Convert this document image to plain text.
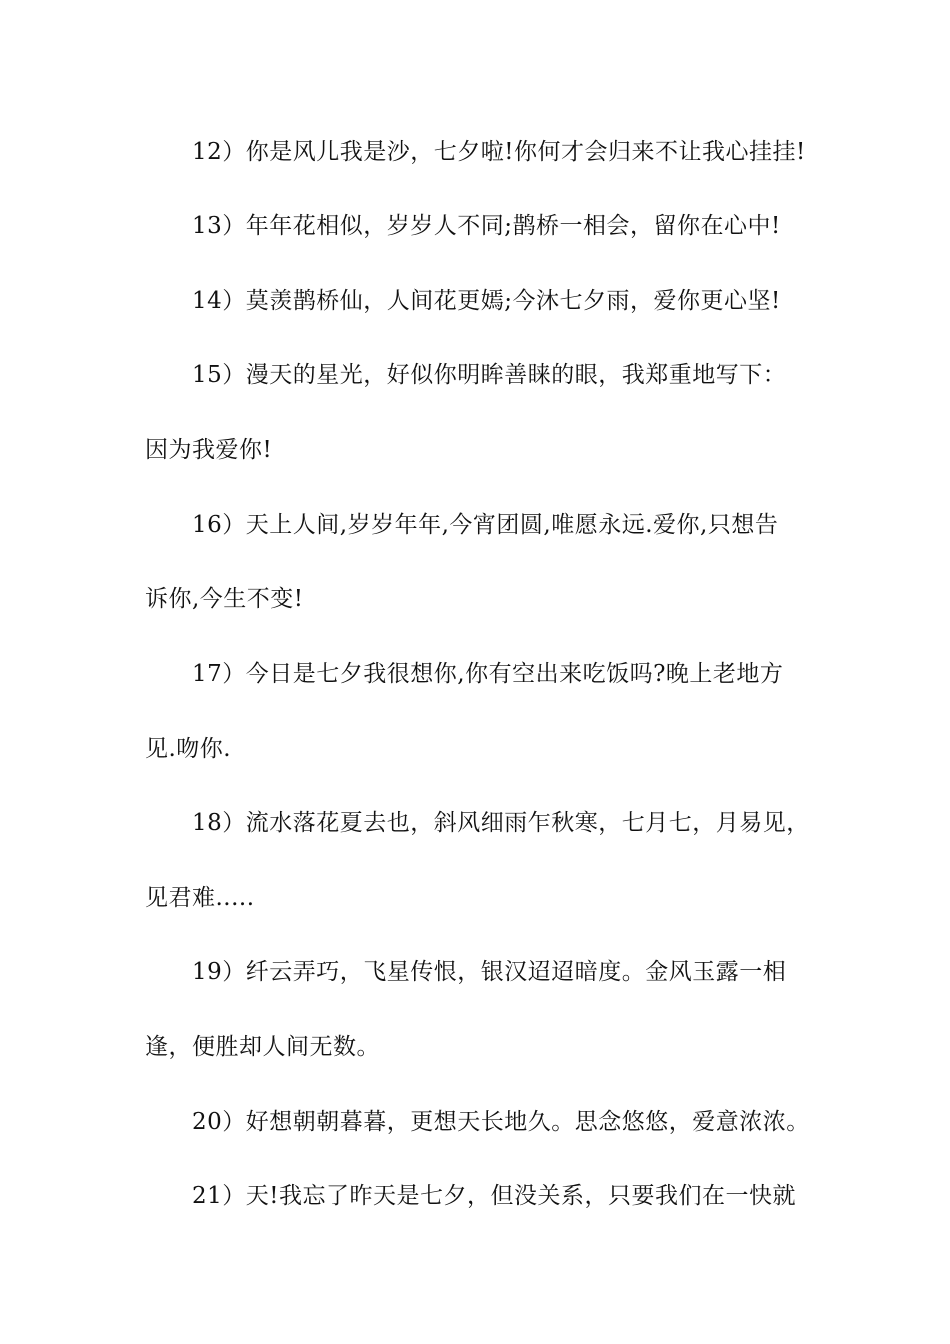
12）你是风儿我是沙，七夕啦!你何才会归来不让我心挂挂!
13）年年花相似，岁岁人不同;鹊桥一相会，留你在心中!
14）莫羡鹊桥仙，人间花更嫣;今沐七夕雨，爱你更心坚!
15）漫天的星光，好似你明眸善睐的眼，我郑重地写下：
因为我爱你!
16）天上人间,岁岁年年,今宵团圆,唯愿永远.爱你,只想告
诉你,今生不变!
17）今日是七夕我很想你,你有空出来吃饭吗?晚上老地方
见.吻你.
18）流水落花夏去也，斜风细雨乍秋寒，七月七，月易见，
见君难.....
19）纤云弄巧，飞星传恨，银汉迢迢暗度。金风玉露一相
逢，便胜却人间无数。
20）好想朝朝暮暮，更想天长地久。思念悠悠，爱意浓浓。
21）天!我忘了昨天是七夕，但没关系，只要我们在一快就
